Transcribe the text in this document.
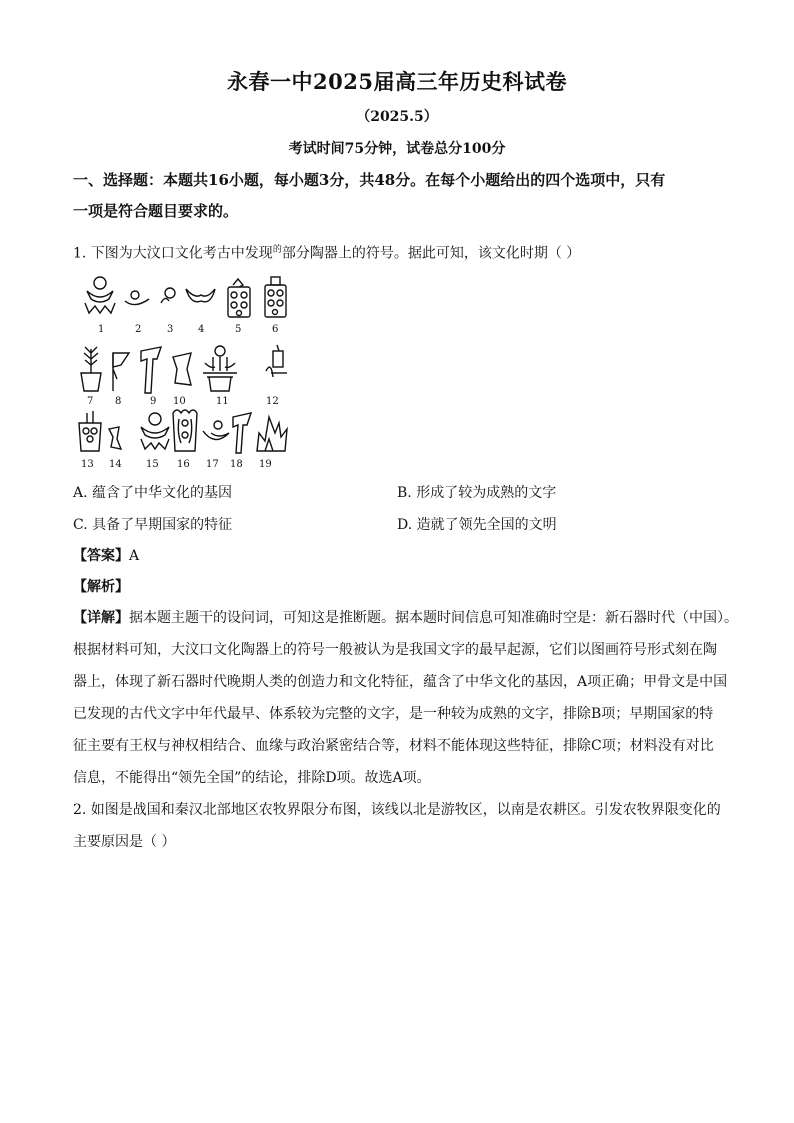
永春一中2025届高三年历史科试卷
（2025.5）
考试时间75分钟，试卷总分100分
一、选择题：本题共16小题，每小题3分，共48分。在每个小题给出的四个选项中，只有
一项是符合题目要求的。
1. 下图为大汶口文化考古中发现$^的$部分陶器上的符号。据此可知，该文化时期（ ）
1	2	3 4	5	6
7 8	9 10	11	12
13 14 15 16 17 18 19
A. 蕴含了中华文化的基因	B. 形成了较为成熟的文字
C. 具备了早期国家的特征	D. 造就了领先全国的文明
【答案】A
【解析】
【详解】据本题主题干的设问词，可知这是推断题。据本题时间信息可知准确时空是：新石器时代（中国）。
根据材料可知，大汶口文化陶器上的符号一般被认为是我国文字的最早起源，它们以图画符号形式刻在陶
器上，体现了新石器时代晚期人类的创造力和文化特征，蕴含了中华文化的基因，A项正确；甲骨文是中国
已发现的古代文字中年代最早、体系较为完整的文字，是一种较为成熟的文字，排除B项；早期国家的特
征主要有王权与神权相结合、血缘与政治紧密结合等，材料不能体现这些特征，排除C项；材料没有对比
信息，不能得出“领先全国”的结论，排除D项。故选A项。
2. 如图是战国和秦汉北部地区农牧界限分布图，该线以北是游牧区，以南是农耕区。引发农牧界限变化的
主要原因是（ ）
